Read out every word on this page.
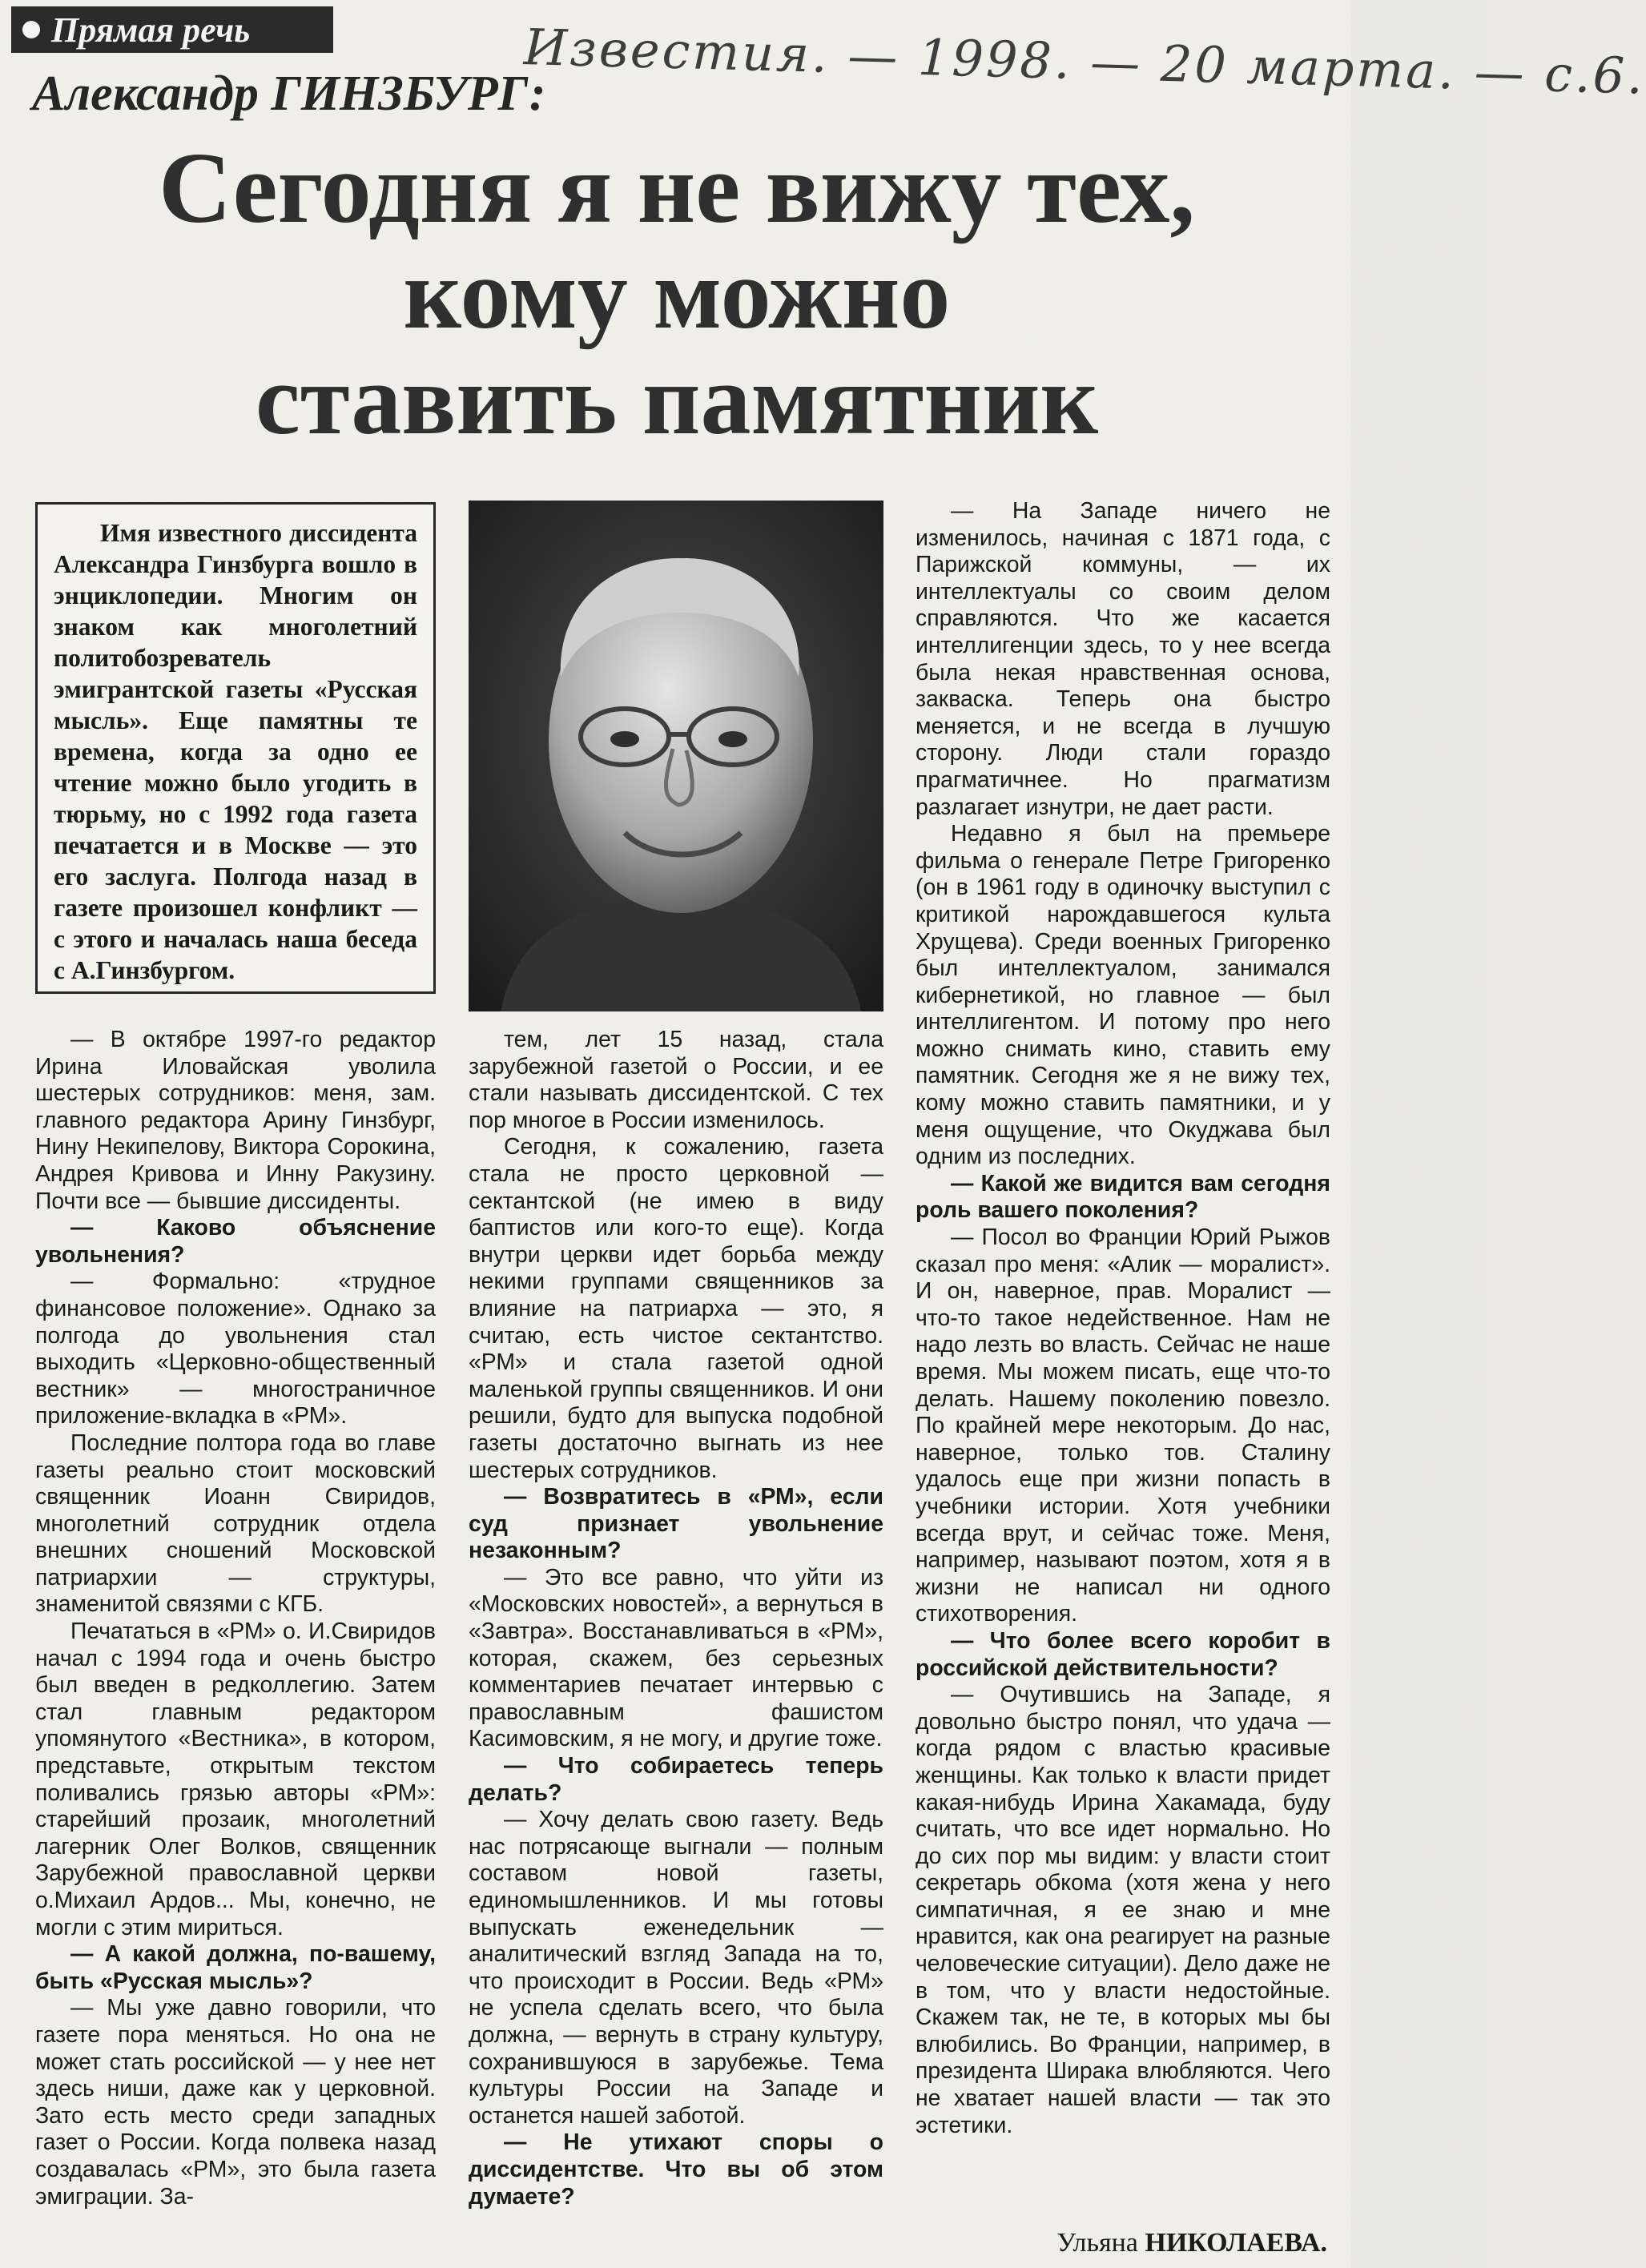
Прямая речь	Известия. — 1998. — 20 марта. — с.6.
Александр ГИНЗБУРГ:
Сегодня я не вижу тех,
кому можно
ставить памятник
Имя известного диссидента Александра Гинзбурга вошло в энциклопедии. Многим он знаком как многолетний политобозреватель эмигрантской газеты «Русская мысль». Еще памятны те времена, когда за одно ее чтение можно было угодить в тюрьму, но с 1992 года газета печатается и в Москве — это его заслуга. Полгода назад в газете произошел конфликт — с этого и началась наша беседа с А.Гинзбургом.

— В октябре 1997-го редактор Ирина Иловайская уволила шестерых сотрудников: меня, зам. главного редактора Арину Гинзбург, Нину Некипелову, Виктора Сорокина, Андрея Кривова и Инну Ракузину. Почти все — бывшие диссиденты.

— Каково объяснение увольнения?

— Формально: «трудное финансовое положение». Однако за полгода до увольнения стал выходить «Церковно-общественный вестник» — многостраничное приложение-вкладка в «РМ».

Последние полтора года во главе газеты реально стоит московский священник Иоанн Свиридов, многолетний сотрудник отдела внешних сношений Московской патриархии — структуры, знаменитой связями с КГБ.

Печататься в «РМ» о. И.Свиридов начал с 1994 года и очень быстро был введен в редколлегию. Затем стал главным редактором упомянутого «Вестника», в котором, представьте, открытым текстом поливались грязью авторы «РМ»: старейший прозаик, многолетний лагерник Олег Волков, священник Зарубежной православной церкви о.Михаил Ардов... Мы, конечно, не могли с этим мириться.

— А какой должна, по-вашему, быть «Русская мысль»?

— Мы уже давно говорили, что газете пора меняться. Но она не может стать российской — у нее нет здесь ниши, даже как у церковной. Зато есть место среди западных газет о России. Когда полвека назад создавалась «РМ», это была газета эмиграции. За-

тем, лет 15 назад, стала зарубежной газетой о России, и ее стали называть диссидентской. С тех пор многое в России изменилось.

Сегодня, к сожалению, газета стала не просто церковной — сектантской (не имею в виду баптистов или кого-то еще). Когда внутри церкви идет борьба между некими группами священников за влияние на патриарха — это, я считаю, есть чистое сектантство. «РМ» и стала газетой одной маленькой группы священников. И они решили, будто для выпуска подобной газеты достаточно выгнать из нее шестерых сотрудников.

— Возвратитесь в «РМ», если суд признает увольнение незаконным?

— Это все равно, что уйти из «Московских новостей», а вернуться в «Завтра». Восстанавливаться в «РМ», которая, скажем, без серьезных комментариев печатает интервью с православным фашистом Касимовским, я не могу, и другие тоже.

— Что собираетесь теперь делать?

— Хочу делать свою газету. Ведь нас потрясающе выгнали — полным составом новой газеты, единомышленников. И мы готовы выпускать еженедельник — аналитический взгляд Запада на то, что происходит в России. Ведь «РМ» не успела сделать всего, что была должна, — вернуть в страну культуру, сохранившуюся в зарубежье. Тема культуры России на Западе и останется нашей заботой.

— Не утихают споры о диссидентстве. Что вы об этом думаете?

— На Западе ничего не изменилось, начиная с 1871 года, с Парижской коммуны, — их интеллектуалы со своим делом справляются. Что же касается интеллигенции здесь, то у нее всегда была некая нравственная основа, закваска. Теперь она быстро меняется, и не всегда в лучшую сторону. Люди стали гораздо прагматичнее. Но прагматизм разлагает изнутри, не дает расти.

Недавно я был на премьере фильма о генерале Петре Григоренко (он в 1961 году в одиночку выступил с критикой нарождавшегося культа Хрущева). Среди военных Григоренко был интеллектуалом, занимался кибернетикой, но главное — был интеллигентом. И потому про него можно снимать кино, ставить ему памятник. Сегодня же я не вижу тех, кому можно ставить памятники, и у меня ощущение, что Окуджава был одним из последних.

— Какой же видится вам сегодня роль вашего поколения?

— Посол во Франции Юрий Рыжов сказал про меня: «Алик — моралист». И он, наверное, прав. Моралист — что-то такое недейственное. Нам не надо лезть во власть. Сейчас не наше время. Мы можем писать, еще что-то делать. Нашему поколению повезло. По крайней мере некоторым. До нас, наверное, только тов. Сталину удалось еще при жизни попасть в учебники истории. Хотя учебники всегда врут, и сейчас тоже. Меня, например, называют поэтом, хотя я в жизни не написал ни одного стихотворения.

— Что более всего коробит в российской действительности?

— Очутившись на Западе, я довольно быстро понял, что удача — когда рядом с властью красивые женщины. Как только к власти придет какая-нибудь Ирина Хакамада, буду считать, что все идет нормально. Но до сих пор мы видим: у власти стоит секретарь обкома (хотя жена у него симпатичная, я ее знаю и мне нравится, как она реагирует на разные человеческие ситуации). Дело даже не в том, что у власти недостойные. Скажем так, не те, в которых мы бы влюбились. Во Франции, например, в президента Ширака влюбляются. Чего не хватает нашей власти — так это эстетики.

Ульяна НИКОЛАЕВА.
